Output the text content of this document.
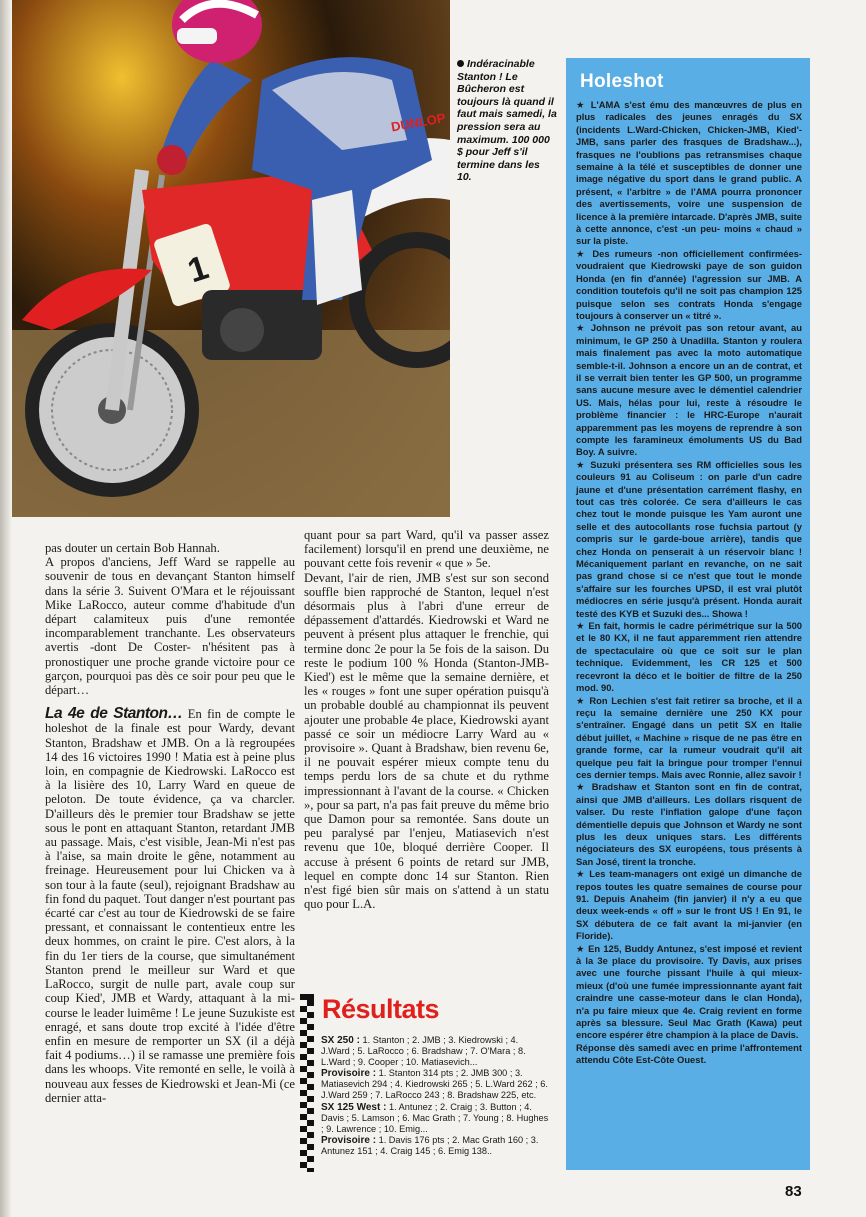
1
DUNLOP
Indéracinable Stanton ! Le Bûcheron est toujours là quand il faut mais samedi, la pression sera au maximum. 100 000 $ pour Jeff s'il termine dans les 10.

pas douter un certain Bob Hannah.

A propos d'anciens, Jeff Ward se rappelle au souvenir de tous en devançant Stanton himself dans la série 3. Suivent O'Mara et le réjouissant Mike LaRocco, auteur comme d'habitude d'un départ calamiteux puis d'une remontée incomparablement tranchante. Les observateurs avertis -dont De Coster- n'hésitent pas à pronostiquer une proche grande victoire pour ce garçon, pourquoi pas dès ce soir pour peu que le départ…

La 4e de Stanton… En fin de compte le holeshot de la finale est pour Wardy, devant Stanton, Bradshaw et JMB. On a là regroupées 14 des 16 victoires 1990 ! Matia est à peine plus loin, en compagnie de Kiedrowski. LaRocco est à la lisière des 10, Larry Ward en queue de peloton. De toute évidence, ça va charcler. D'ailleurs dès le premier tour Bradshaw se jette sous le pont en attaquant Stanton, retardant JMB au passage. Mais, c'est visible, Jean-Mi n'est pas à l'aise, sa main droite le gêne, notamment au freinage. Heureusement pour lui Chicken va à son tour à la faute (seul), rejoignant Bradshaw au fin fond du paquet. Tout danger n'est pourtant pas écarté car c'est au tour de Kiedrowski de se faire pressant, et connaissant le contentieux entre les deux hommes, on craint le pire. C'est alors, à la fin du 1er tiers de la course, que simultanément Stanton prend le meilleur sur Ward et que LaRocco, surgit de nulle part, avale coup sur coup Kied', JMB et Wardy, attaquant à la mi-course le leader luimême ! Le jeune Suzukiste est enragé, et sans doute trop excité à l'idée d'être enfin en mesure de remporter un SX (il a déjà fait 4 podiums…) il se ramasse une première fois dans les whoops. Vite remonté en selle, le voilà à nouveau aux fesses de Kiedrowski et Jean-Mi (ce dernier atta-

quant pour sa part Ward, qu'il va passer assez facilement) lorsqu'il en prend une deuxième, ne pouvant cette fois revenir « que » 5e.

Devant, l'air de rien, JMB s'est sur son second souffle bien rapproché de Stanton, lequel n'est désormais plus à l'abri d'une erreur de dépassement d'attardés. Kiedrowski et Ward ne peuvent à présent plus attaquer le frenchie, qui termine donc 2e pour la 5e fois de la saison. Du reste le podium 100 % Honda (Stanton-JMB-Kied') est le même que la semaine dernière, et les « rouges » font une super opération puisqu'à un probable doublé au championnat ils peuvent ajouter une probable 4e place, Kiedrowski ayant passé ce soir un médiocre Larry Ward au « provisoire ». Quant à Bradshaw, bien revenu 6e, il ne pouvait espérer mieux compte tenu du temps perdu lors de sa chute et du rythme impressionnant à l'avant de la course. « Chicken », pour sa part, n'a pas fait preuve du même brio que Damon pour sa remontée. Sans doute un peu paralysé par l'enjeu, Matiasevich n'est revenu que 10e, bloqué derrière Cooper. Il accuse à présent 6 points de retard sur JMB, lequel en compte donc 14 sur Stanton. Rien n'est figé bien sûr mais on s'attend à un statu quo pour L.A.

Résultats
SX 250 : 1. Stanton ; 2. JMB ; 3. Kiedrowski ; 4. J.Ward ; 5. LaRocco ; 6. Bradshaw ; 7. O'Mara ; 8. L.Ward ; 9. Cooper ; 10. Matiasevich...
Provisoire : 1. Stanton 314 pts ; 2. JMB 300 ; 3. Matiasevich 294 ; 4. Kiedrowski 265 ; 5. L.Ward 262 ; 6. J.Ward 259 ; 7. LaRocco 243 ; 8. Bradshaw 225, etc.
SX 125 West : 1. Antunez ; 2. Craig ; 3. Button ; 4. Davis ; 5. Lamson ; 6. Mac Grath ; 7. Young ; 8. Hughes ; 9. Lawrence ; 10. Emig...
Provisoire : 1. Davis 176 pts ; 2. Mac Grath 160 ; 3. Antunez 151 ; 4. Craig 145 ; 6. Emig 138..
Holeshot

★ L'AMA s'est ému des manœuvres de plus en plus radicales des jeunes enragés du SX (incidents L.Ward-Chicken, Chicken-JMB, Kied'-JMB, sans parler des frasques de Bradshaw...), frasques ne l'oublions pas retransmises chaque semaine à la télé et susceptibles de donner une image négative du sport dans le grand public. A présent, « l'arbitre » de l'AMA pourra prononcer des avertissements, voire une suspension de licence à la première intarcade. D'après JMB, suite à cette annonce, c'est -un peu- moins « chaud » sur la piste.

★ Des rumeurs -non officiellement confirmées- voudraient que Kiedrowski paye de son guidon Honda (en fin d'année) l'agression sur JMB. A condition toutefois qu'il ne soit pas champion 125 puisque selon ses contrats Honda s'engage toujours à conserver un « titré ».

★ Johnson ne prévoit pas son retour avant, au minimum, le GP 250 à Unadilla. Stanton y roulera mais finalement pas avec la moto automatique semble-t-il. Johnson a encore un an de contrat, et il se verrait bien tenter les GP 500, un programme sans aucune mesure avec le démentiel calendrier US. Mais, hélas pour lui, reste à résoudre le problème financier : le HRC-Europe n'aurait apparemment pas les moyens de reprendre à son compte les faramineux émoluments US du Bad Boy. A suivre.

★ Suzuki présentera ses RM officielles sous les couleurs 91 au Coliseum : on parle d'un cadre jaune et d'une présentation carrément flashy, en tout cas très colorée. Ce sera d'ailleurs le cas chez tout le monde puisque les Yam auront une selle et des autocollants rose fuchsia partout (y compris sur le garde-boue arrière), tandis que chez Honda on penserait à un réservoir blanc ! Mécaniquement parlant en revanche, on ne sait pas grand chose si ce n'est que tout le monde s'affaire sur les fourches UPSD, il est vrai plutôt médiocres en série jusqu'à présent. Honda aurait testé des KYB et Suzuki des... Showa !

★ En fait, hormis le cadre périmétrique sur la 500 et le 80 KX, il ne faut apparemment rien attendre de spectaculaire où que ce soit sur le plan technique. Evidemment, les CR 125 et 500 recevront la déco et le boîtier de filtre de la 250 mod. 90.

★ Ron Lechien s'est fait retirer sa broche, et il a reçu la semaine dernière une 250 KX pour s'entraîner. Engagé dans un petit SX en Italie début juillet, « Machine » risque de ne pas être en grande forme, car la rumeur voudrait qu'il ait quelque peu fait la bringue pour tromper l'ennui ces dernier temps. Mais avec Ronnie, allez savoir !

★ Bradshaw et Stanton sont en fin de contrat, ainsi que JMB d'ailleurs. Les dollars risquent de valser. Du reste l'inflation galope d'une façon démentielle depuis que Johnson et Wardy ne sont plus les deux uniques stars. Les différents négociateurs des SX européens, tous présents à San José, tirent la tronche.

★ Les team-managers ont exigé un dimanche de repos toutes les quatre semaines de course pour 91. Depuis Anaheim (fin janvier) il n'y a eu que deux week-ends « off » sur le front US ! En 91, le SX débutera de ce fait avant la mi-janvier (en Floride).

★ En 125, Buddy Antunez, s'est imposé et revient à la 3e place du provisoire. Ty Davis, aux prises avec une fourche pissant l'huile à qui mieux-mieux (d'où une fumée impressionnante ayant fait craindre une casse-moteur dans le clan Honda), n'a pu faire mieux que 4e. Craig revient en forme après sa blessure. Seul Mac Grath (Kawa) peut encore espérer être champion à la place de Davis.

Réponse dès samedi avec en prime l'affrontement attendu Côte Est-Côte Ouest.

83
